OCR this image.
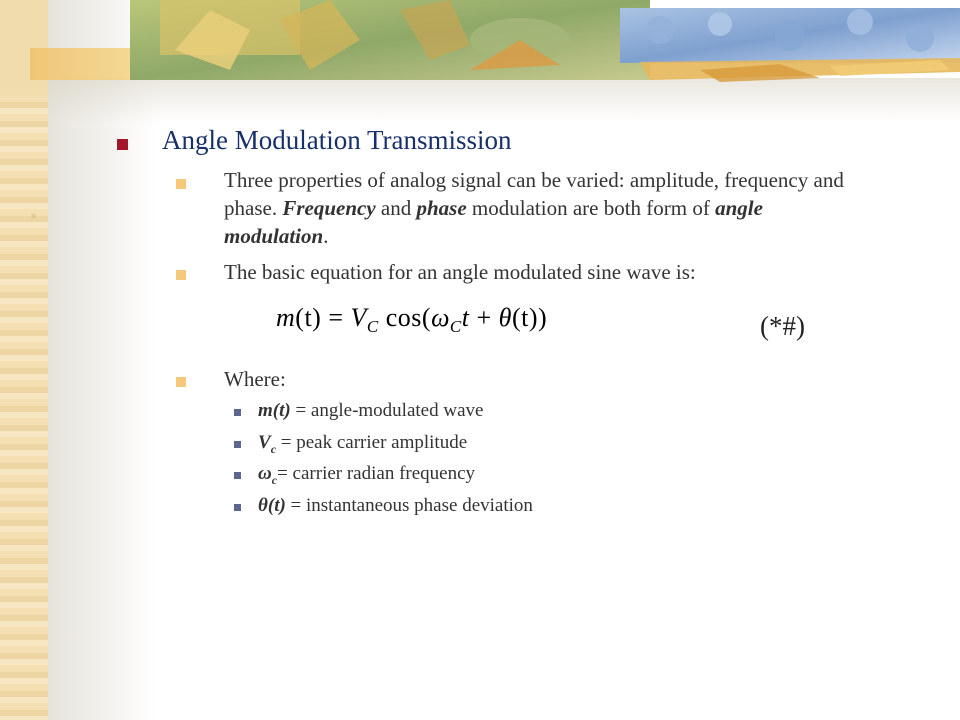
Angle Modulation Transmission
Three properties of analog signal can be varied: amplitude, frequency and phase. Frequency and phase modulation are both form of angle modulation.
The basic equation for an angle modulated sine wave is:
$m(t) = V_C$ $\cos(\omega_Ct + \theta(t))$	(*#)
Where:
m(t) = angle-modulated wave
$V_c$ = peak carrier amplitude
$\omega_c=$ carrier radian frequency
θ(t) = instantaneous phase deviation
